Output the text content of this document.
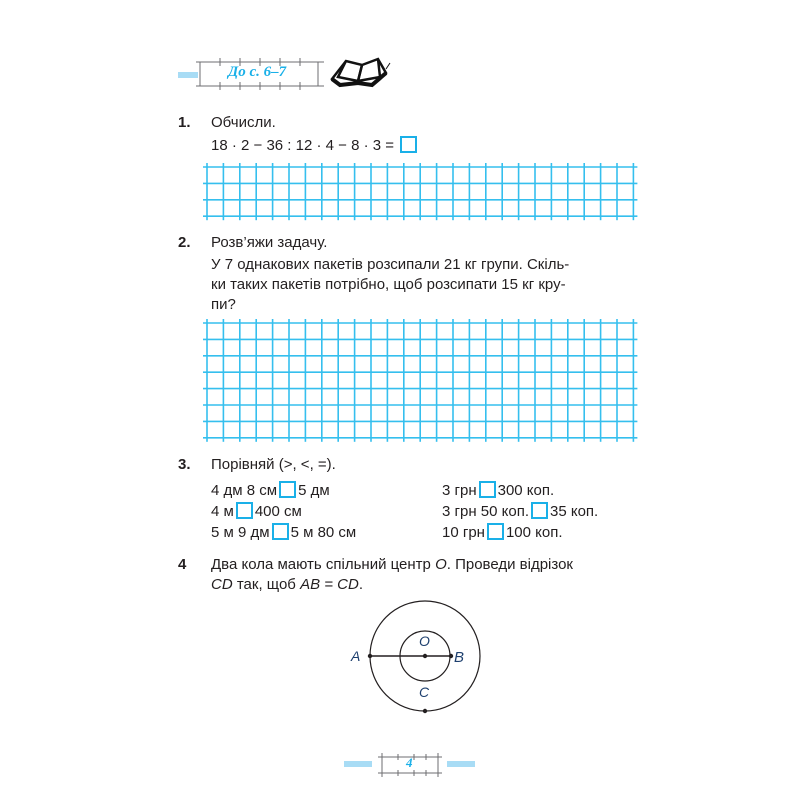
До с. 6–7
1. Обчисли.
18 · 2 − 36 : 12 · 4 − 8 · 3 =
2. Розв’яжи задачу.
У 7 однакових пакетів розсипали 21 кг групи. Скіль-
ки таких пакетів потрібно, щоб розсипати 15 кг кру-
пи?
3. Порівняй (>, <, =).
4 дм 8 см 5 дм
4 м 400 см
5 м 9 дм 5 м 80 см
3 грн 300 коп.
3 грн 50 коп. 35 коп.
10 грн 100 коп.
4 Два кола мають спільний центр O. Проведи відрізок
CD так, щоб AB = CD.
A
O
B
C
4
